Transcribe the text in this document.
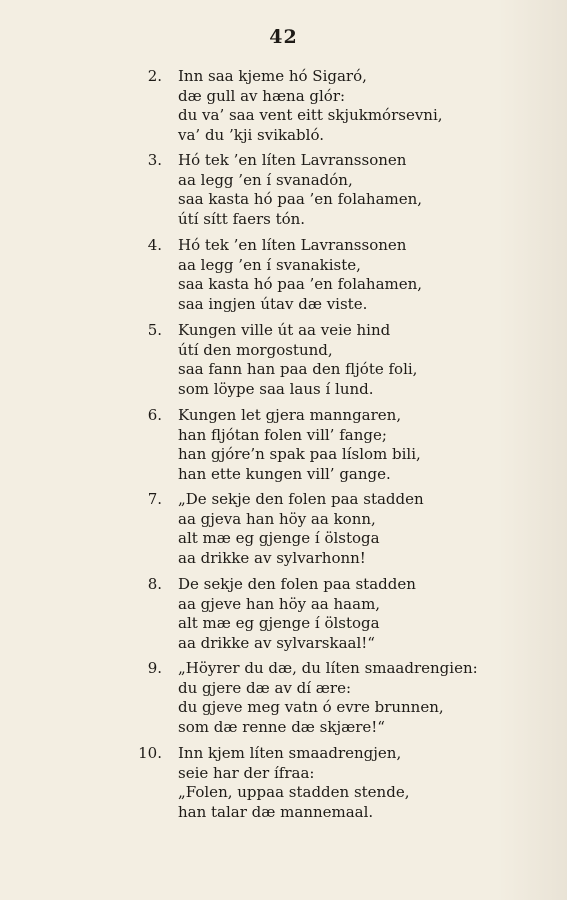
42
2. Inn saa kjeme hó Sigaró,
dæ gull av hæna glór:
du va’ saa vent eitt skjukmórsevni,
va’ du ’kji svikabló.
3. Hó tek ’en líten Lavranssonen
aa legg ’en í svanadón,
saa kasta hó paa ’en folahamen,
útí sítt faers tón.
4. Hó tek ’en líten Lavranssonen
aa legg ’en í svanakiste,
saa kasta hó paa ’en folahamen,
saa ingjen útav dæ viste.
5. Kungen ville út aa veie hind
útí den morgostund,
saa fann han paa den fljóte foli,
som löype saa laus í lund.
6. Kungen let gjera manngaren,
han fljótan folen vill’ fange;
han gjóre’n spak paa líslom bili,
han ette kungen vill’ gange.
7. „De sekje den folen paa stadden
aa gjeva han höy aa konn,
alt mæ eg gjenge í ölstoga
aa drikke av sylvarhonn!
8. De sekje den folen paa stadden
aa gjeve han höy aa haam,
alt mæ eg gjenge í ölstoga
aa drikke av sylvarskaal!“
9. „Höyrer du dæ, du líten smaadrengien:
du gjere dæ av dí ære:
du gjeve meg vatn ó evre brunnen,
som dæ renne dæ skjære!“
10. Inn kjem líten smaadrengjen,
seie har der ífraa:
„Folen, uppaa stadden stende,
han talar dæ mannemaal.
